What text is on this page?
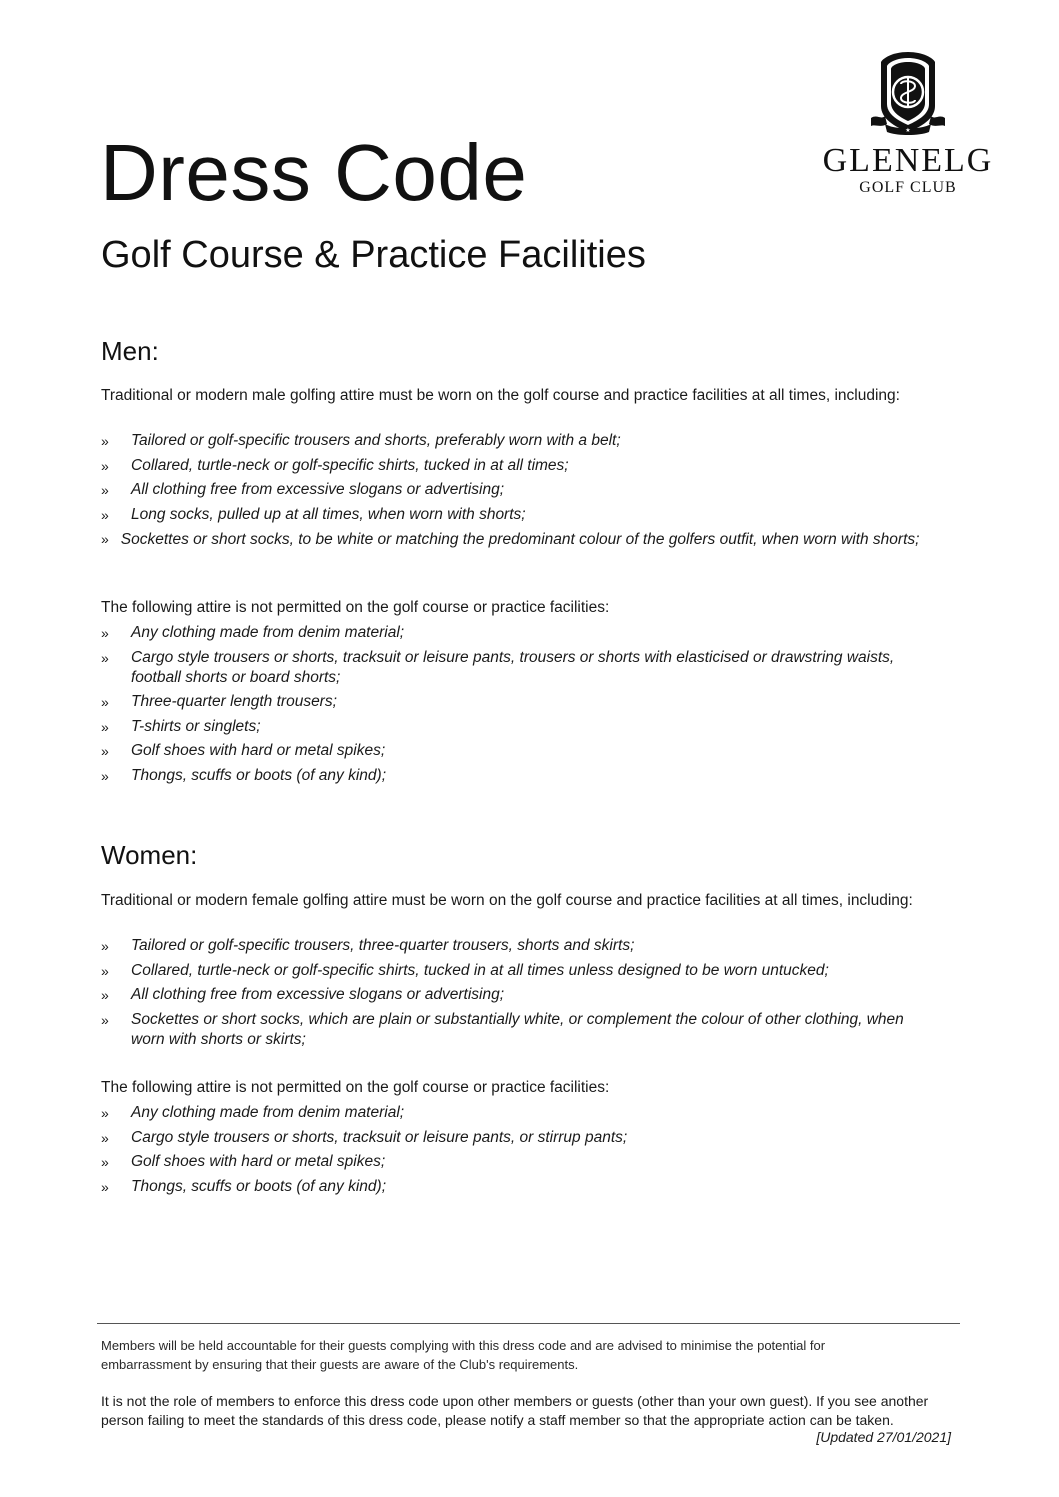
★
GLENELG
GOLF CLUB
Dress Code
Golf Course & Practice Facilities
Men:
Traditional or modern male golfing attire must be worn on the golf course and practice facilities at all times, including:
» Tailored or golf-specific trousers and shorts, preferably worn with a belt;
» Collared, turtle-neck or golf-specific shirts, tucked in at all times;
» All clothing free from excessive slogans or advertising;
» Long socks, pulled up at all times, when worn with shorts;
» Sockettes or short socks, to be white or matching the predominant colour of the golfers outfit, when worn with shorts;
The following attire is not permitted on the golf course or practice facilities:
» Any clothing made from denim material;
» Cargo style trousers or shorts, tracksuit or leisure pants, trousers or shorts with elasticised or drawstring waists, football shorts or board shorts;
» Three-quarter length trousers;
» T-shirts or singlets;
» Golf shoes with hard or metal spikes;
» Thongs, scuffs or boots (of any kind);
Women:
Traditional or modern female golfing attire must be worn on the golf course and practice facilities at all times, including:
» Tailored or golf-specific trousers, three-quarter trousers, shorts and skirts;
» Collared, turtle-neck or golf-specific shirts, tucked in at all times unless designed to be worn untucked;
» All clothing free from excessive slogans or advertising;
» Sockettes or short socks, which are plain or substantially white, or complement the colour of other clothing, when worn with shorts or skirts;
The following attire is not permitted on the golf course or practice facilities:
» Any clothing made from denim material;
» Cargo style trousers or shorts, tracksuit or leisure pants, or stirrup pants;
» Golf shoes with hard or metal spikes;
» Thongs, scuffs or boots (of any kind);
Members will be held accountable for their guests complying with this dress code and are advised to minimise the potential for embarrassment by ensuring that their guests are aware of the Club's requirements.
It is not the role of members to enforce this dress code upon other members or guests (other than your own guest). If you see another person failing to meet the standards of this dress code, please notify a staff member so that the appropriate action can be taken.
[Updated 27/01/2021]
